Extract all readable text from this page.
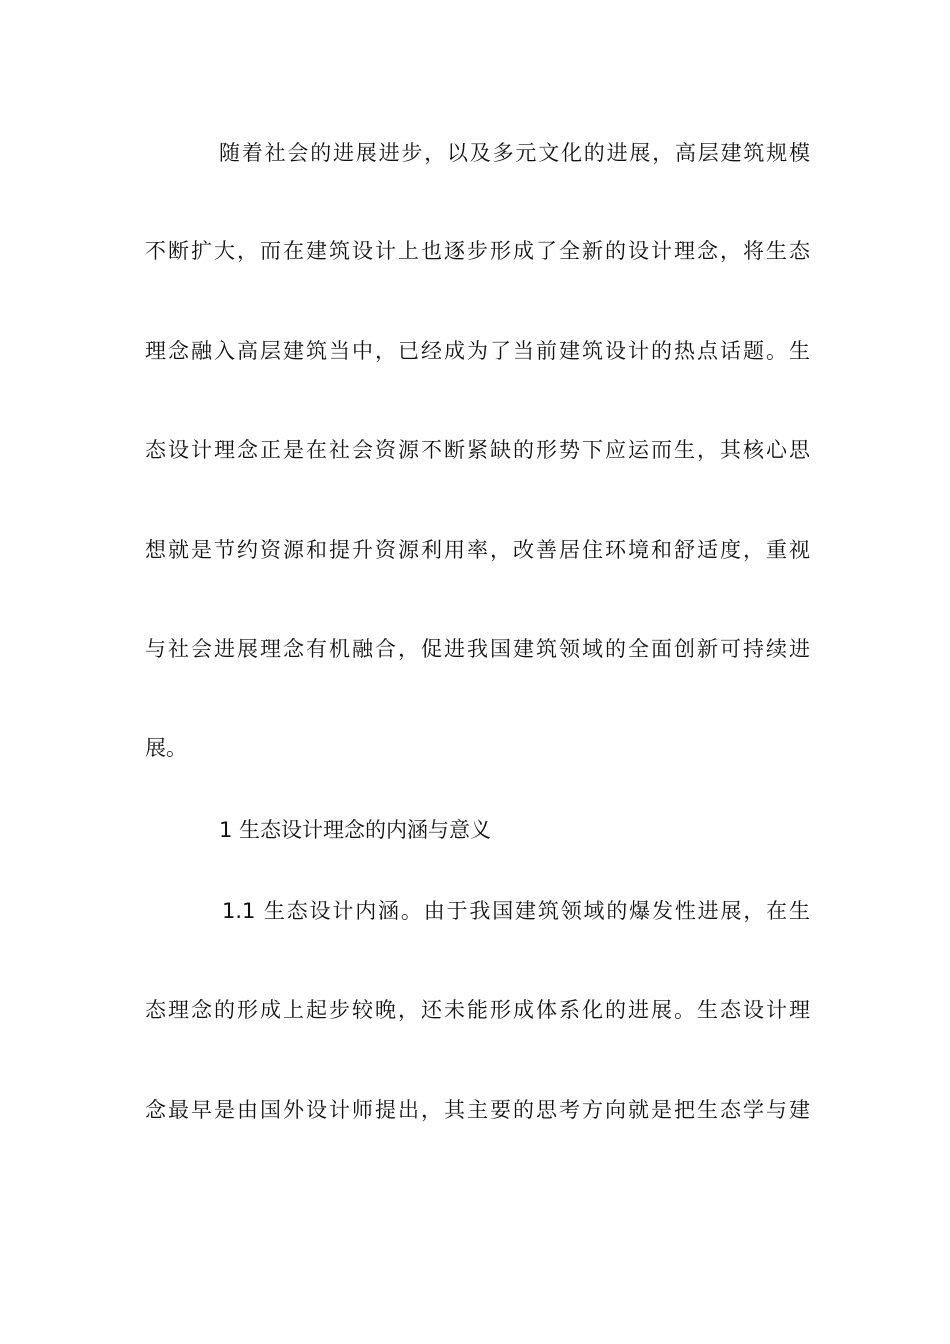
随着社会的进展进步，以及多元文化的进展，高层建筑规模
不断扩大，而在建筑设计上也逐步形成了全新的设计理念，将生态
理念融入高层建筑当中，已经成为了当前建筑设计的热点话题。生
态设计理念正是在社会资源不断紧缺的形势下应运而生，其核心思
想就是节约资源和提升资源利用率，改善居住环境和舒适度，重视
与社会进展理念有机融合，促进我国建筑领域的全面创新可持续进
展。
1 生态设计理念的内涵与意义
1.1 生态设计内涵。由于我国建筑领域的爆发性进展，在生
态理念的形成上起步较晚，还未能形成体系化的进展。生态设计理
念最早是由国外设计师提出，其主要的思考方向就是把生态学与建
